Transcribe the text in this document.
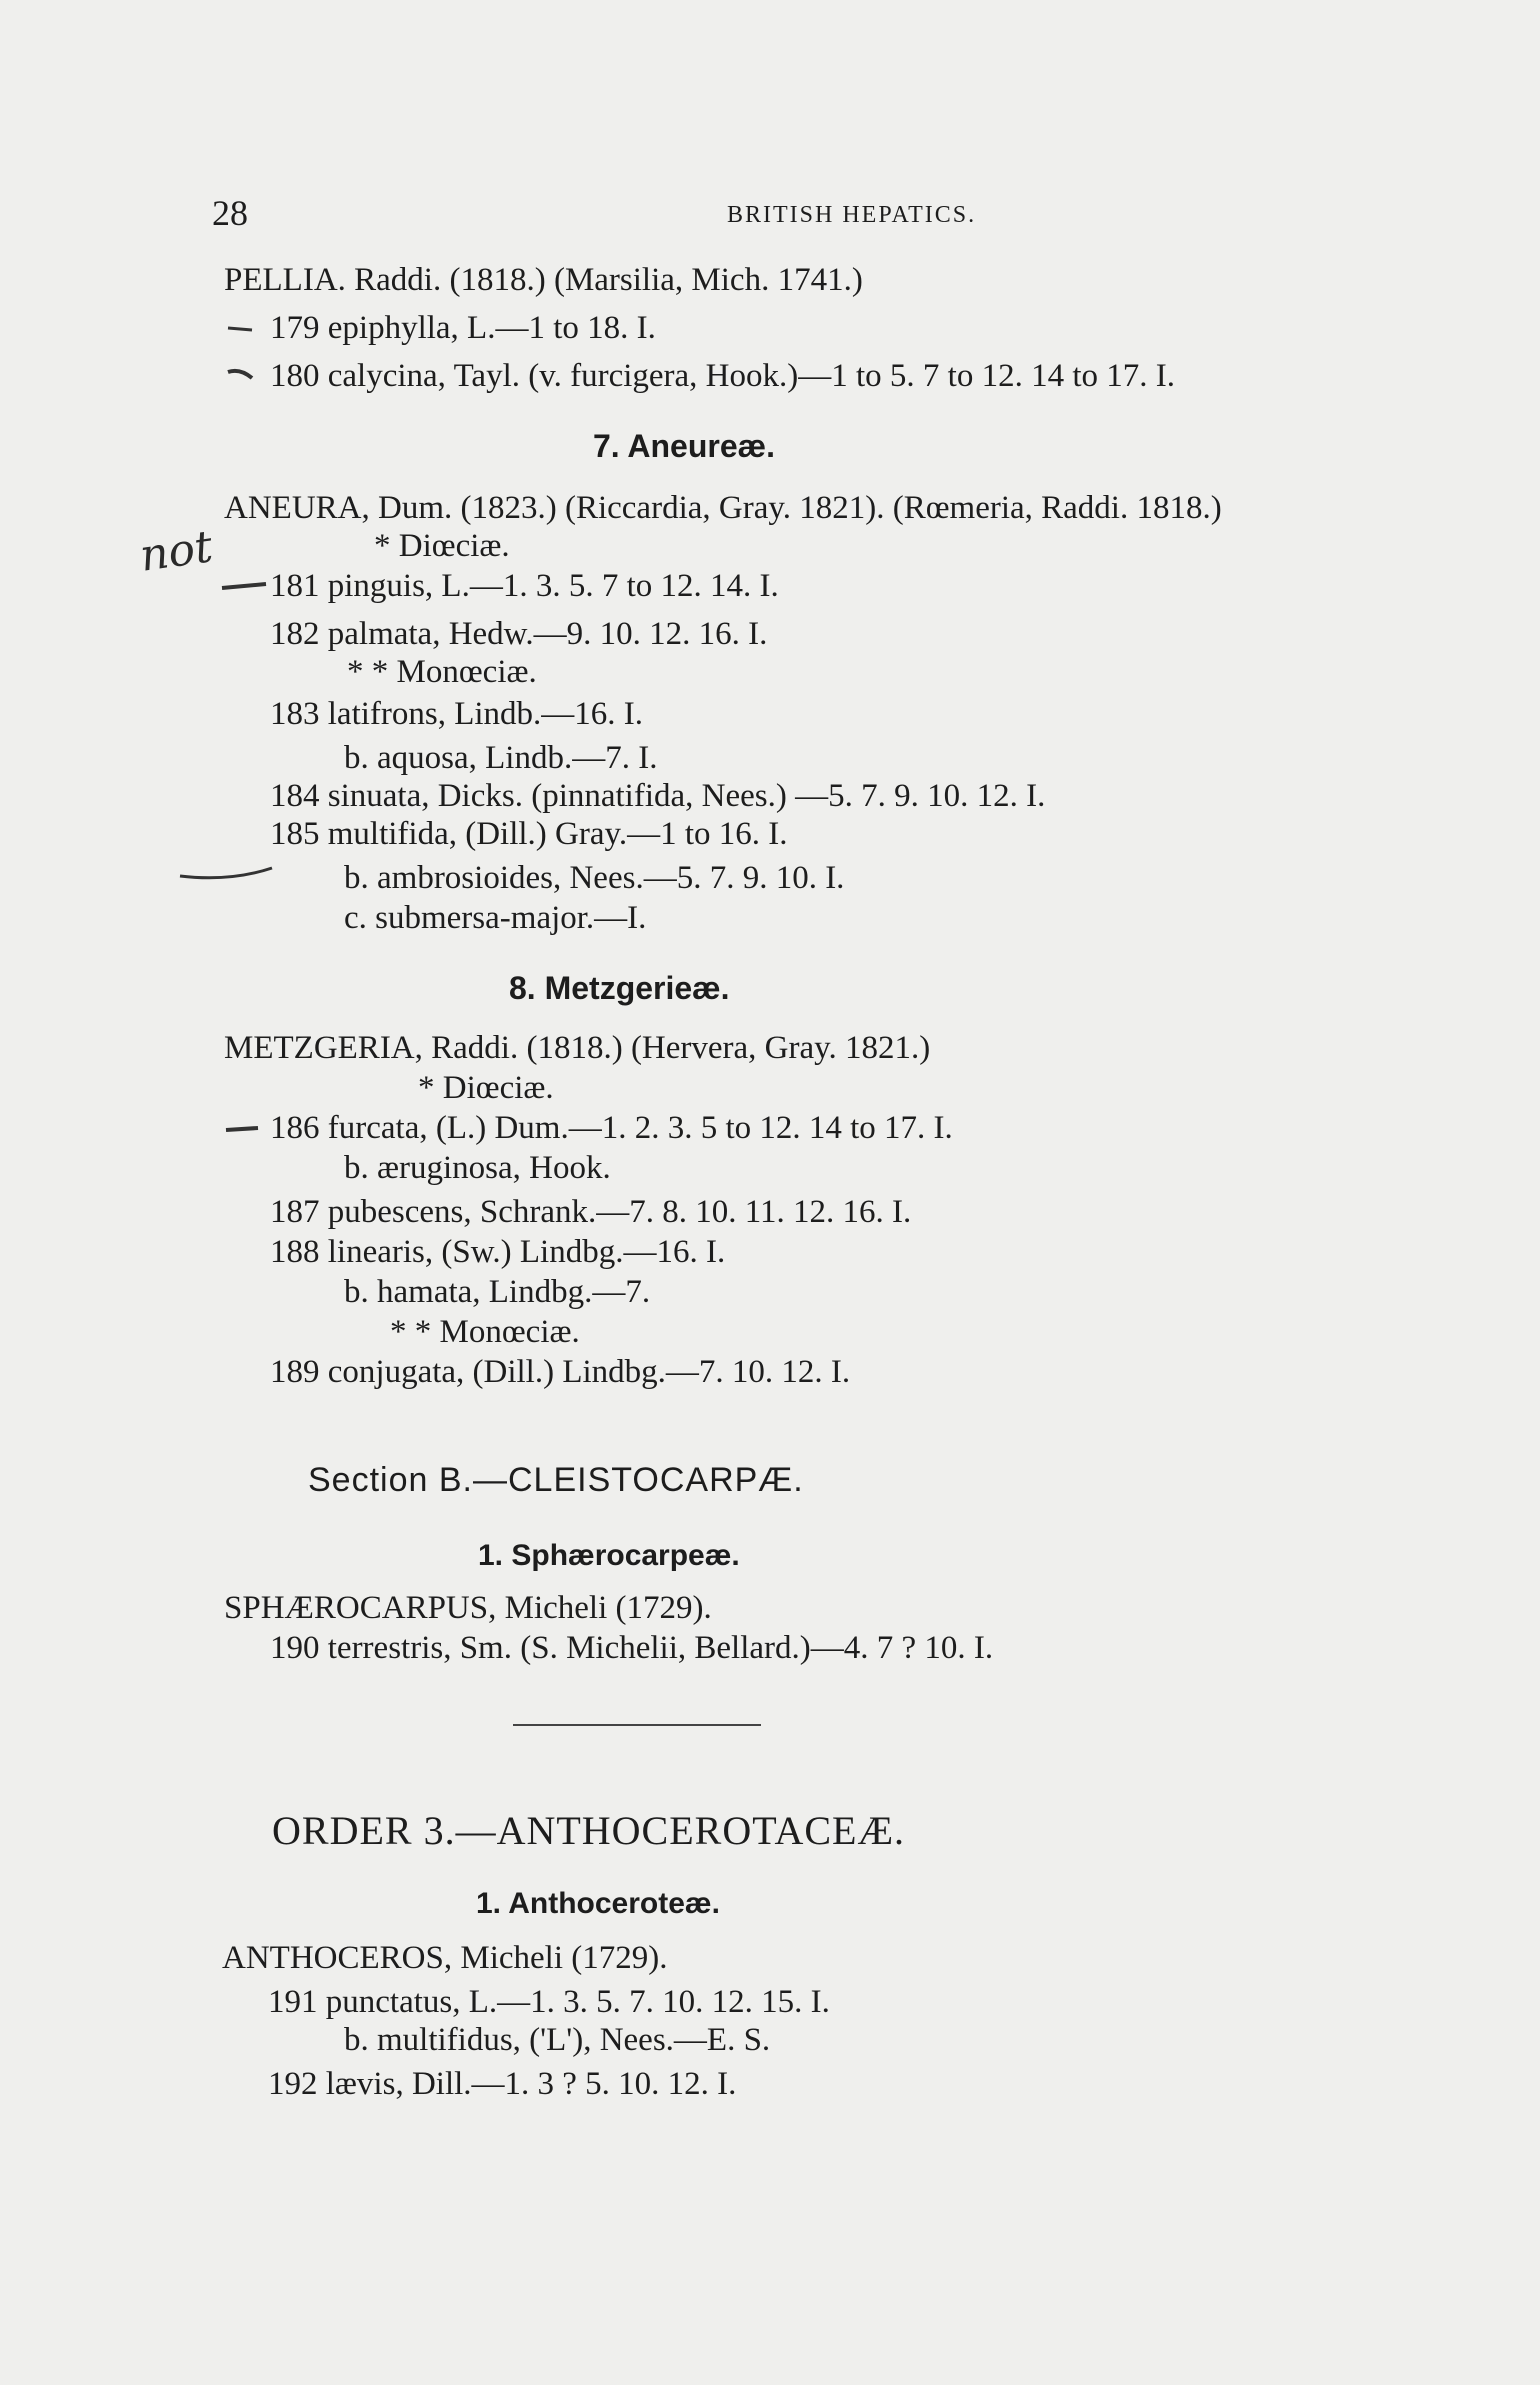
28	BRITISH HEPATICS.
PELLIA. Raddi. (1818.) (Marsilia, Mich. 1741.)
179 epiphylla, L.—1 to 18. I.
180 calycina, Tayl. (v. furcigera, Hook.)—1 to 5. 7 to 12. 14 to 17. I.
7. Aneureæ.
ANEURA, Dum. (1823.) (Riccardia, Gray. 1821). (Rœmeria, Raddi. 1818.)
* Diœciæ.
181 pinguis, L.—1. 3. 5. 7 to 12. 14. I.
182 palmata, Hedw.—9. 10. 12. 16. I.
* * Monœciæ.
183 latifrons, Lindb.—16. I.
b. aquosa, Lindb.—7. I.
184 sinuata, Dicks. (pinnatifida, Nees.) —5. 7. 9. 10. 12. I.
185 multifida, (Dill.) Gray.—1 to 16. I.
b. ambrosioides, Nees.—5. 7. 9. 10. I.
c. submersa-major.—I.
8. Metzgerieæ.
METZGERIA, Raddi. (1818.) (Hervera, Gray. 1821.)
* Diœciæ.
186 furcata, (L.) Dum.—1. 2. 3. 5 to 12. 14 to 17. I.
b. æruginosa, Hook.
187 pubescens, Schrank.—7. 8. 10. 11. 12. 16. I.
188 linearis, (Sw.) Lindbg.—16. I.
b. hamata, Lindbg.—7.
* * Monœciæ.
189 conjugata, (Dill.) Lindbg.—7. 10. 12. I.
Section B.—CLEISTOCARPÆ.
1. Sphærocarpeæ.
SPHÆROCARPUS, Micheli (1729).
190 terrestris, Sm. (S. Michelii, Bellard.)—4. 7 ? 10. I.
ORDER 3.—ANTHOCEROTACEÆ.
1. Anthoceroteæ.
ANTHOCEROS, Micheli (1729).
191 punctatus, L.—1. 3. 5. 7. 10. 12. 15. I.
b. multifidus, ('L'), Nees.—E. S.
192 lævis, Dill.—1. 3 ? 5. 10. 12. I.
not
